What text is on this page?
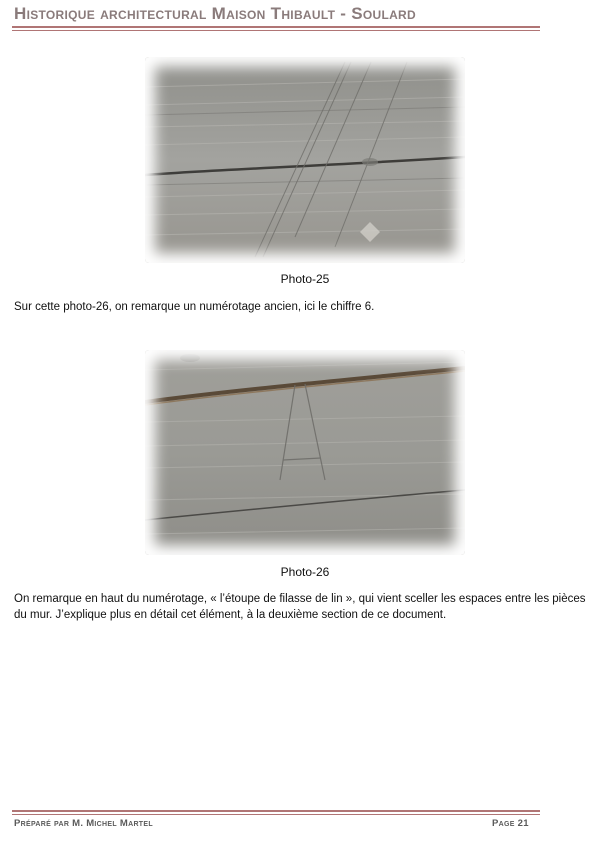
Historique architectural Maison Thibault - Soulard
Photo-25
Sur cette photo-26, on remarque un numérotage ancien, ici le chiffre 6.
Photo-26
On remarque en haut du numérotage, « l’étoupe de filasse de lin », qui vient sceller les espaces entre les pièces du mur. J’explique plus en détail cet élément, à la deuxième section de ce document.
Préparé par M. Michel Martel	Page 21
